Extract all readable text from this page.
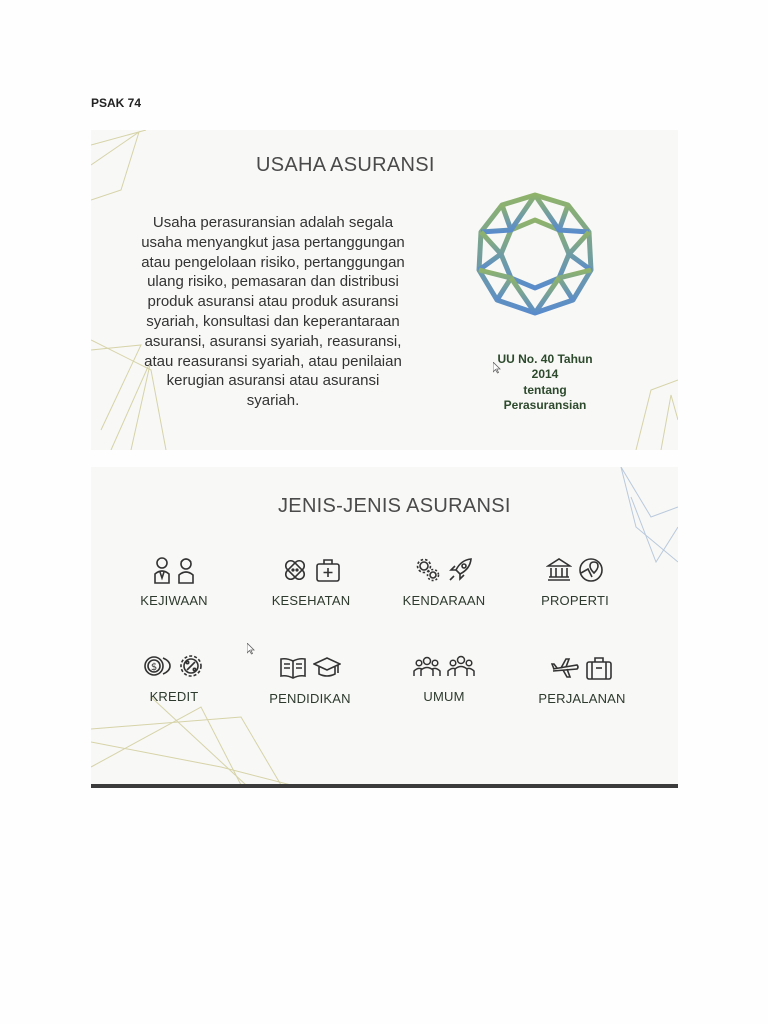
PSAK 74
USAHA ASURANSI
Usaha perasuransian adalah segala
usaha menyangkut jasa pertanggungan
atau pengelolaan risiko, pertanggungan
ulang risiko, pemasaran dan distribusi
produk asuransi atau produk asuransi
syariah, konsultasi dan keperantaraan
asuransi, asuransi syariah, reasuransi,
atau reasuransi syariah, atau penilaian
kerugian asuransi atau asuransi
syariah.
UU No. 40 Tahun
2014
tentang
Perasuransian
JENIS-JENIS ASURANSI
KEJIWAAN	KESEHATAN	KENDARAAN	PROPERTI
$
KREDIT	PENDIDIKAN	UMUM	PERJALANAN
